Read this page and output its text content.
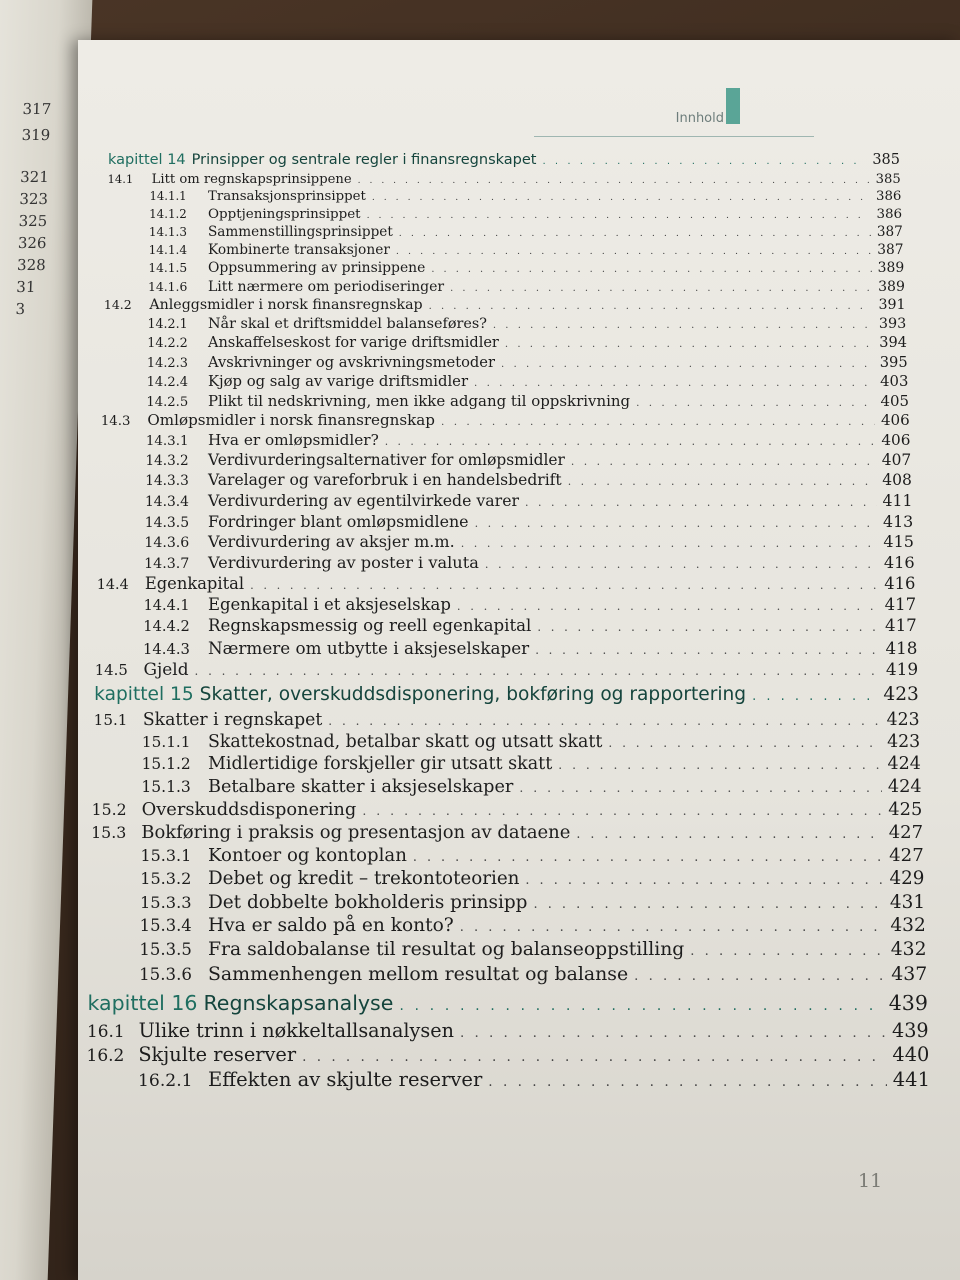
317
319
321
323
325
326
328
31
3
Innhold
kapittel 14 Prinsipper og sentrale regler i finansregnskapet . . .	385
14.1	Litt om regnskapsprinsippene . . .	385
14.1.1	Transaksjonsprinsippet . . .	386
14.1.2	Opptjeningsprinsippet . . .	386
14.1.3	Sammenstillingsprinsippet . . .	387
14.1.4	Kombinerte transaksjoner . . .	387
14.1.5	Oppsummering av prinsippene . . .	389
14.1.6	Litt nærmere om periodiseringer . . .	389
14.2	Anleggsmidler i norsk finansregnskap . . .	391
14.2.1	Når skal et driftsmiddel balanseføres? . . .	393
14.2.2	Anskaffelseskost for varige driftsmidler . . .	394
14.2.3	Avskrivninger og avskrivningsmetoder . . .	395
14.2.4	Kjøp og salg av varige driftsmidler . . .	403
14.2.5	Plikt til nedskrivning, men ikke adgang til oppskrivning . . .	405
14.3	Omløpsmidler i norsk finansregnskap . . .	406
14.3.1	Hva er omløpsmidler? . . .	406
14.3.2	Verdivurderingsalternativer for omløpsmidler . . .	407
14.3.3	Varelager og vareforbruk i en handelsbedrift . . .	408
14.3.4	Verdivurdering av egentilvirkede varer . . .	411
14.3.5	Fordringer blant omløpsmidlene . . .	413
14.3.6	Verdivurdering av aksjer m.m. . . .	415
14.3.7	Verdivurdering av poster i valuta . . .	416
14.4 Egenkapital . . .	416
14.4.1	Egenkapital i et aksjeselskap . . .	417
14.4.2	Regnskapsmessig og reell egenkapital . . .	417
14.4.3	Nærmere om utbytte i aksjeselskaper . . .	418
14.5 Gjeld . . .	419
kapittel 15 Skatter, overskuddsdisponering, bokføring og rapportering . . .	423
15.1 Skatter i regnskapet . . .	423
15.1.1	Skattekostnad, betalbar skatt og utsatt skatt . . .	423
15.1.2 Midlertidige forskjeller gir utsatt skatt . . .	424
15.1.3 Betalbare skatter i aksjeselskaper . . .	424
15.2 Overskuddsdisponering . . .	425
15.3 Bokføring i praksis og presentasjon av dataene . . .	427
15.3.1 Kontoer og kontoplan . . .	427
15.3.2 Debet og kredit – trekontoteorien . . .	429
15.3.3 Det dobbelte bokholderis prinsipp . . .	431
15.3.4 Hva er saldo på en konto? . . .	432
15.3.5 Fra saldobalanse til resultat og balanseoppstilling . . .	432
15.3.6 Sammenhengen mellom resultat og balanse . . .	437
kapittel 16 Regnskapsanalyse . . .	439
16.1 Ulike trinn i nøkkeltallsanalysen . . .	439
16.2 Skjulte reserver . . .	440
16.2.1 Effekten av skjulte reserver . . .	441
11
